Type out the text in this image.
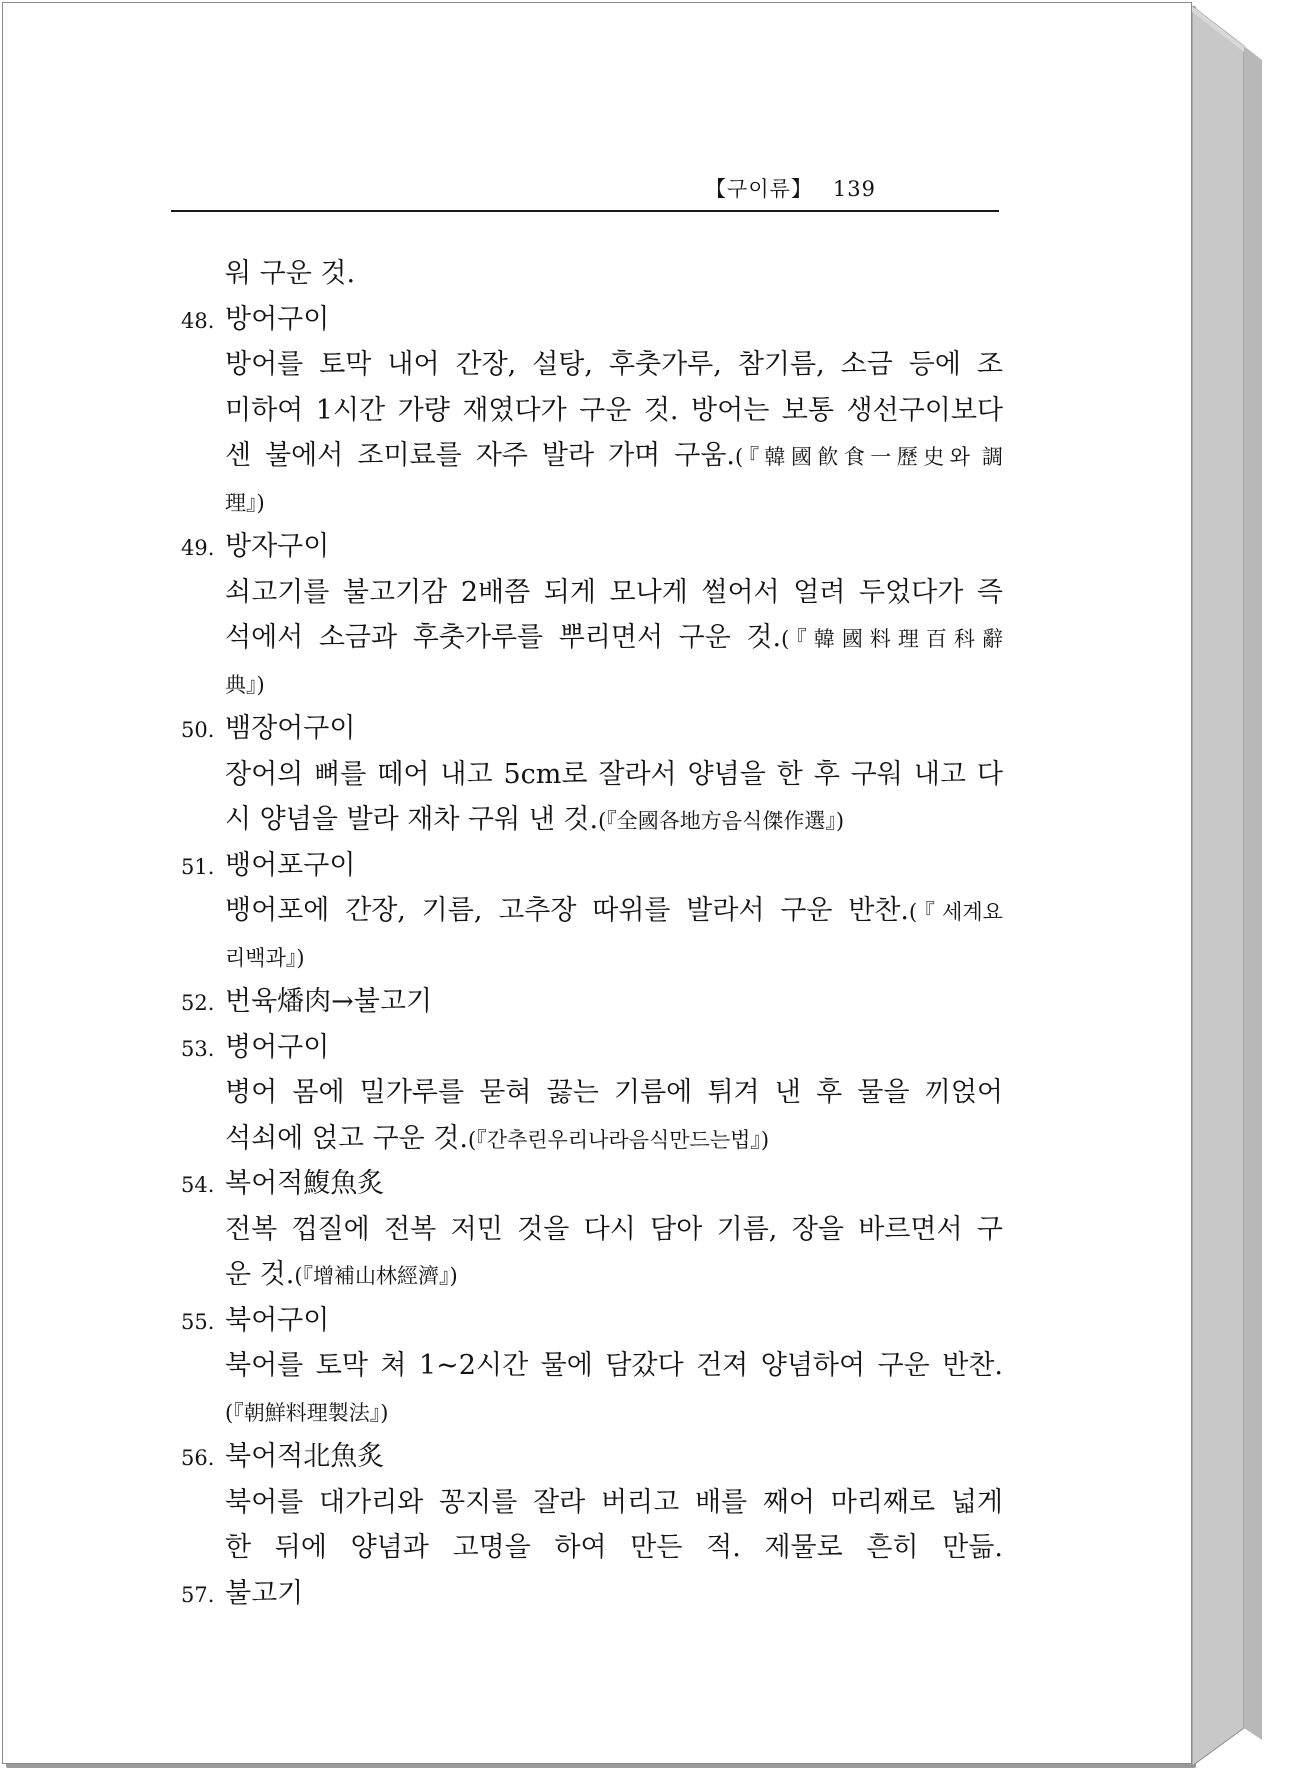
【구이류】 139
워 구운 것.
48. 방어구이
방어를 토막 내어 간장, 설탕, 후춧가루, 참기름, 소금 등에 조
미하여 1시간 가량 재였다가 구운 것. 방어는 보통 생선구이보다
센 불에서 조미료를 자주 발라 가며 구움.(『韓國飮食一歷史와 調
理』)
49. 방자구이
쇠고기를 불고기감 2배쯤 되게 모나게 썰어서 얼려 두었다가 즉
석에서 소금과 후춧가루를 뿌리면서 구운 것.(『韓國料理百科辭
典』)
50. 뱀장어구이
장어의 뼈를 떼어 내고 5cm로 잘라서 양념을 한 후 구워 내고 다
시 양념을 발라 재차 구워 낸 것.(『全國各地方음식傑作選』)
51. 뱅어포구이
뱅어포에 간장, 기름, 고추장 따위를 발라서 구운 반찬.(『세계요
리백과』)
52. 번육燔肉→불고기
53. 병어구이
병어 몸에 밀가루를 묻혀 끓는 기름에 튀겨 낸 후 물을 끼얹어
석쇠에 얹고 구운 것.(『간추린우리나라음식만드는법』)
54. 복어적鰒魚炙
전복 껍질에 전복 저민 것을 다시 담아 기름, 장을 바르면서 구
운 것.(『增補山林經濟』)
55. 북어구이
북어를 토막 쳐 1~2시간 물에 담갔다 건져 양념하여 구운 반찬.
(『朝鮮料理製法』)
56. 북어적北魚炙
북어를 대가리와 꽁지를 잘라 버리고 배를 째어 마리째로 넓게
한 뒤에 양념과 고명을 하여 만든 적. 제물로 흔히 만듦.
57. 불고기
